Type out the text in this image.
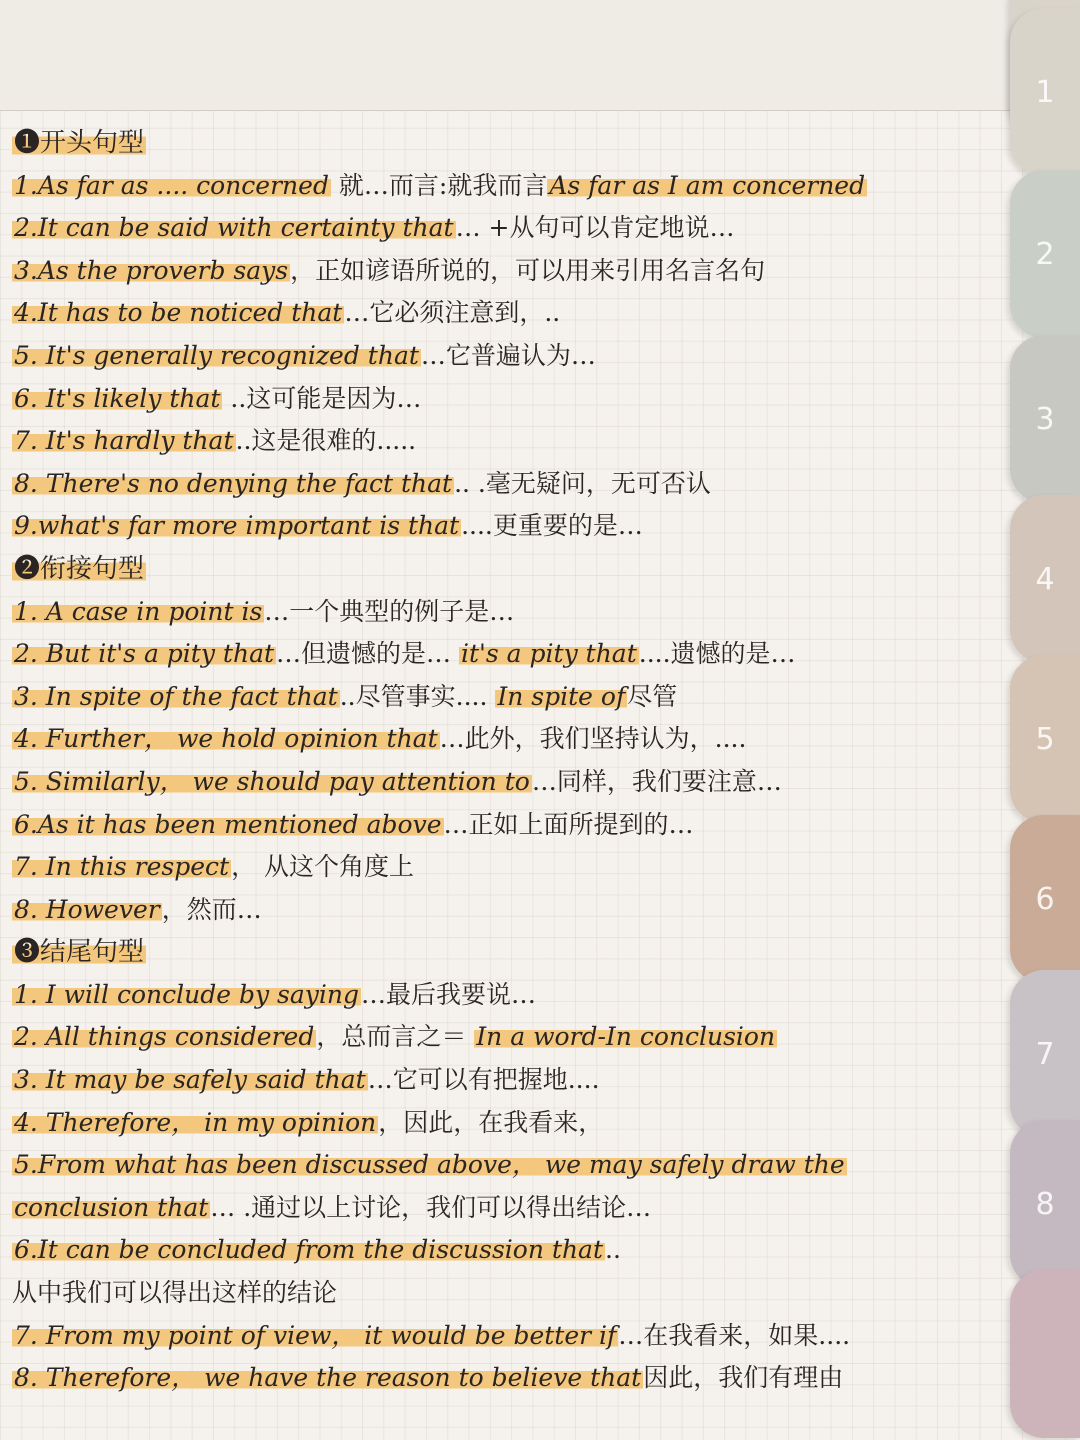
1
2
3
4
5
6
7
8
❶开头句型
1.As far as .... concerned 就…而言:就我而言As far as I am concerned
2.It can be said with certainty that… +从句可以肯定地说…
3.As the proverb says，正如谚语所说的，可以用来引用名言名句
4.It has to be noticed that…它必须注意到，..
5. It's generally recognized that…它普遍认为…
6. It's likely that ..这可能是因为…
7. It's hardly that..这是很难的.....
8. There's no denying the fact that.. .毫无疑问，无可否认
9.what's far more important is that....更重要的是…
❷衔接句型
1. A case in point is…一个典型的例子是…
2. But it's a pity that…但遗憾的是… it's a pity that....遗憾的是…
3. In spite of the fact that..尽管事实.... In spite of尽管
4. Further， we hold opinion that…此外，我们坚持认为，....
5. Similarly， we should pay attention to…同样，我们要注意…
6.As it has been mentioned above…正如上面所提到的…
7. In this respect， 从这个角度上
8. However，然而…
❸结尾句型
1. I will conclude by saying…最后我要说…
2. All things considered，总而言之＝ In a word-In conclusion
3. It may be safely said that…它可以有把握地....
4. Therefore， in my opinion，因此，在我看来，
5.From what has been discussed above， we may safely draw the
conclusion that… .通过以上讨论，我们可以得出结论…
6.It can be concluded from the discussion that..
从中我们可以得出这样的结论
7. From my point of view， it would be better if…在我看来，如果....
8. Therefore， we have the reason to believe that因此，我们有理由
